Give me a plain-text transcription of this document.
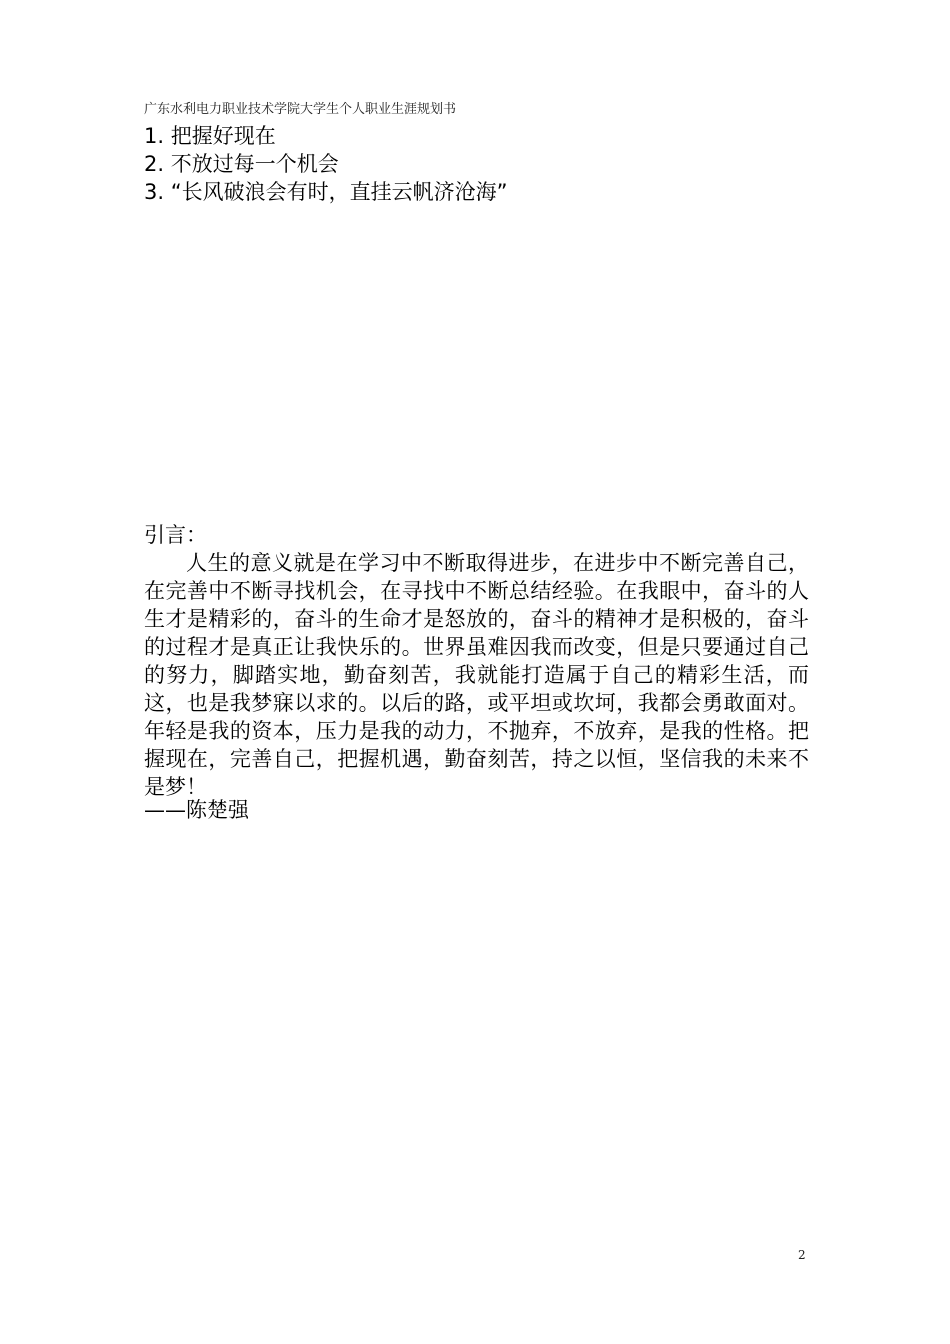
广东水利电力职业技术学院大学生个人职业生涯规划书
1. 把握好现在
2. 不放过每一个机会
3. “长风破浪会有时，直挂云帆济沧海”
引言：

人生的意义就是在学习中不断取得进步，在进步中不断完善自己，在完善中不断寻找机会，在寻找中不断总结经验。在我眼中，奋斗的人生才是精彩的，奋斗的生命才是怒放的，奋斗的精神才是积极的，奋斗的过程才是真正让我快乐的。世界虽难因我而改变，但是只要通过自己的努力，脚踏实地，勤奋刻苦，我就能打造属于自己的精彩生活，而这，也是我梦寐以求的。以后的路，或平坦或坎坷，我都会勇敢面对。年轻是我的资本，压力是我的动力，不抛弃，不放弃，是我的性格。把握现在，完善自己，把握机遇，勤奋刻苦，持之以恒，坚信我的未来不是梦！

——陈楚强
2
